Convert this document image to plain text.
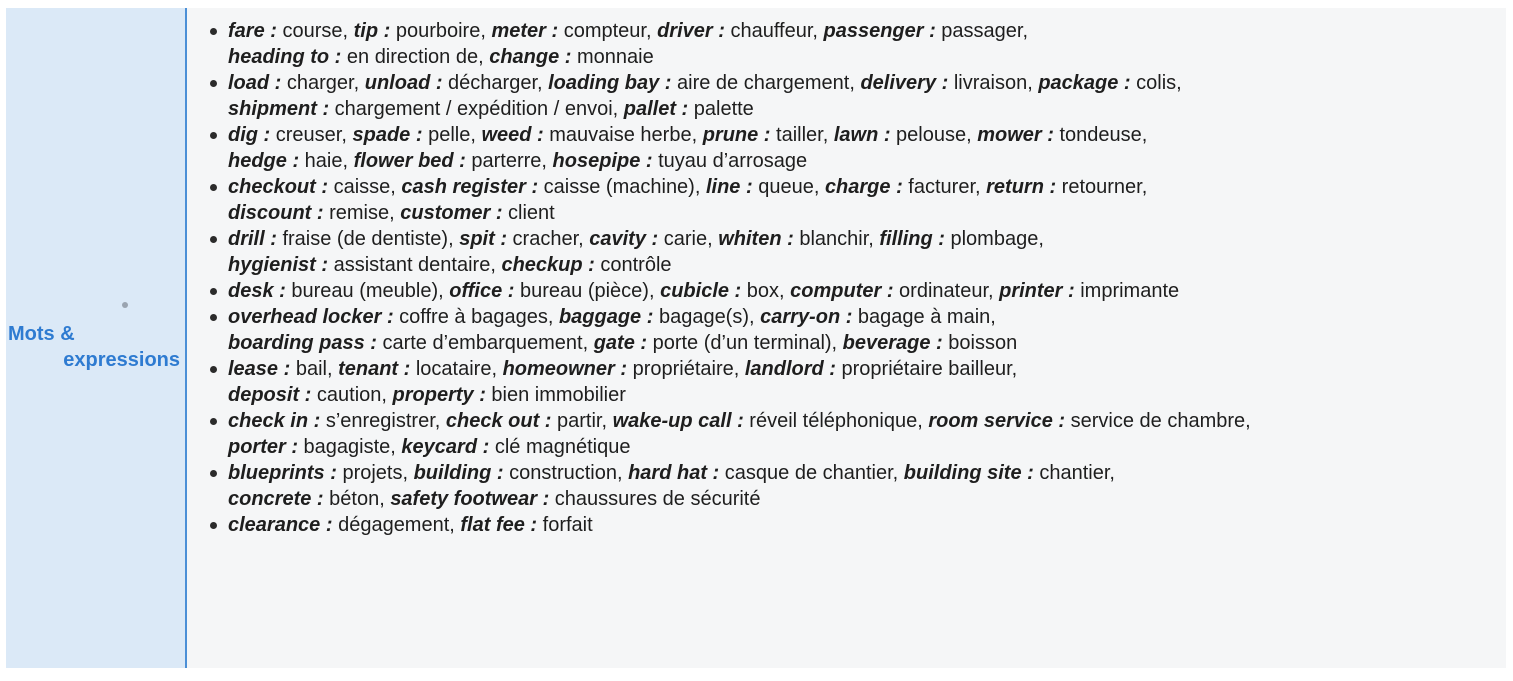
Mots &
expressions
fare : course, tip : pourboire, meter : compteur, driver : chauffeur, passenger : passager,
heading to : en direction de, change : monnaie
load : charger, unload : décharger, loading bay : aire de chargement, delivery : livraison, package : colis,
shipment : chargement / expédition / envoi, pallet : palette
dig : creuser, spade : pelle, weed : mauvaise herbe, prune : tailler, lawn : pelouse, mower : tondeuse,
hedge : haie, flower bed : parterre, hosepipe : tuyau d’arrosage
checkout : caisse, cash register : caisse (machine), line : queue, charge : facturer, return : retourner,
discount : remise, customer : client
drill : fraise (de dentiste), spit : cracher, cavity : carie, whiten : blanchir, filling : plombage,
hygienist : assistant dentaire, checkup : contrôle
desk : bureau (meuble), office : bureau (pièce), cubicle : box, computer : ordinateur, printer : imprimante
overhead locker : coffre à bagages, baggage : bagage(s), carry-on : bagage à main,
boarding pass : carte d’embarquement, gate : porte (d’un terminal), beverage : boisson
lease : bail, tenant : locataire, homeowner : propriétaire, landlord : propriétaire bailleur,
deposit : caution, property : bien immobilier
check in : s’enregistrer, check out : partir, wake-up call : réveil téléphonique, room service : service de chambre,
porter : bagagiste, keycard : clé magnétique
blueprints : projets, building : construction, hard hat : casque de chantier, building site : chantier,
concrete : béton, safety footwear : chaussures de sécurité
clearance : dégagement, flat fee : forfait
